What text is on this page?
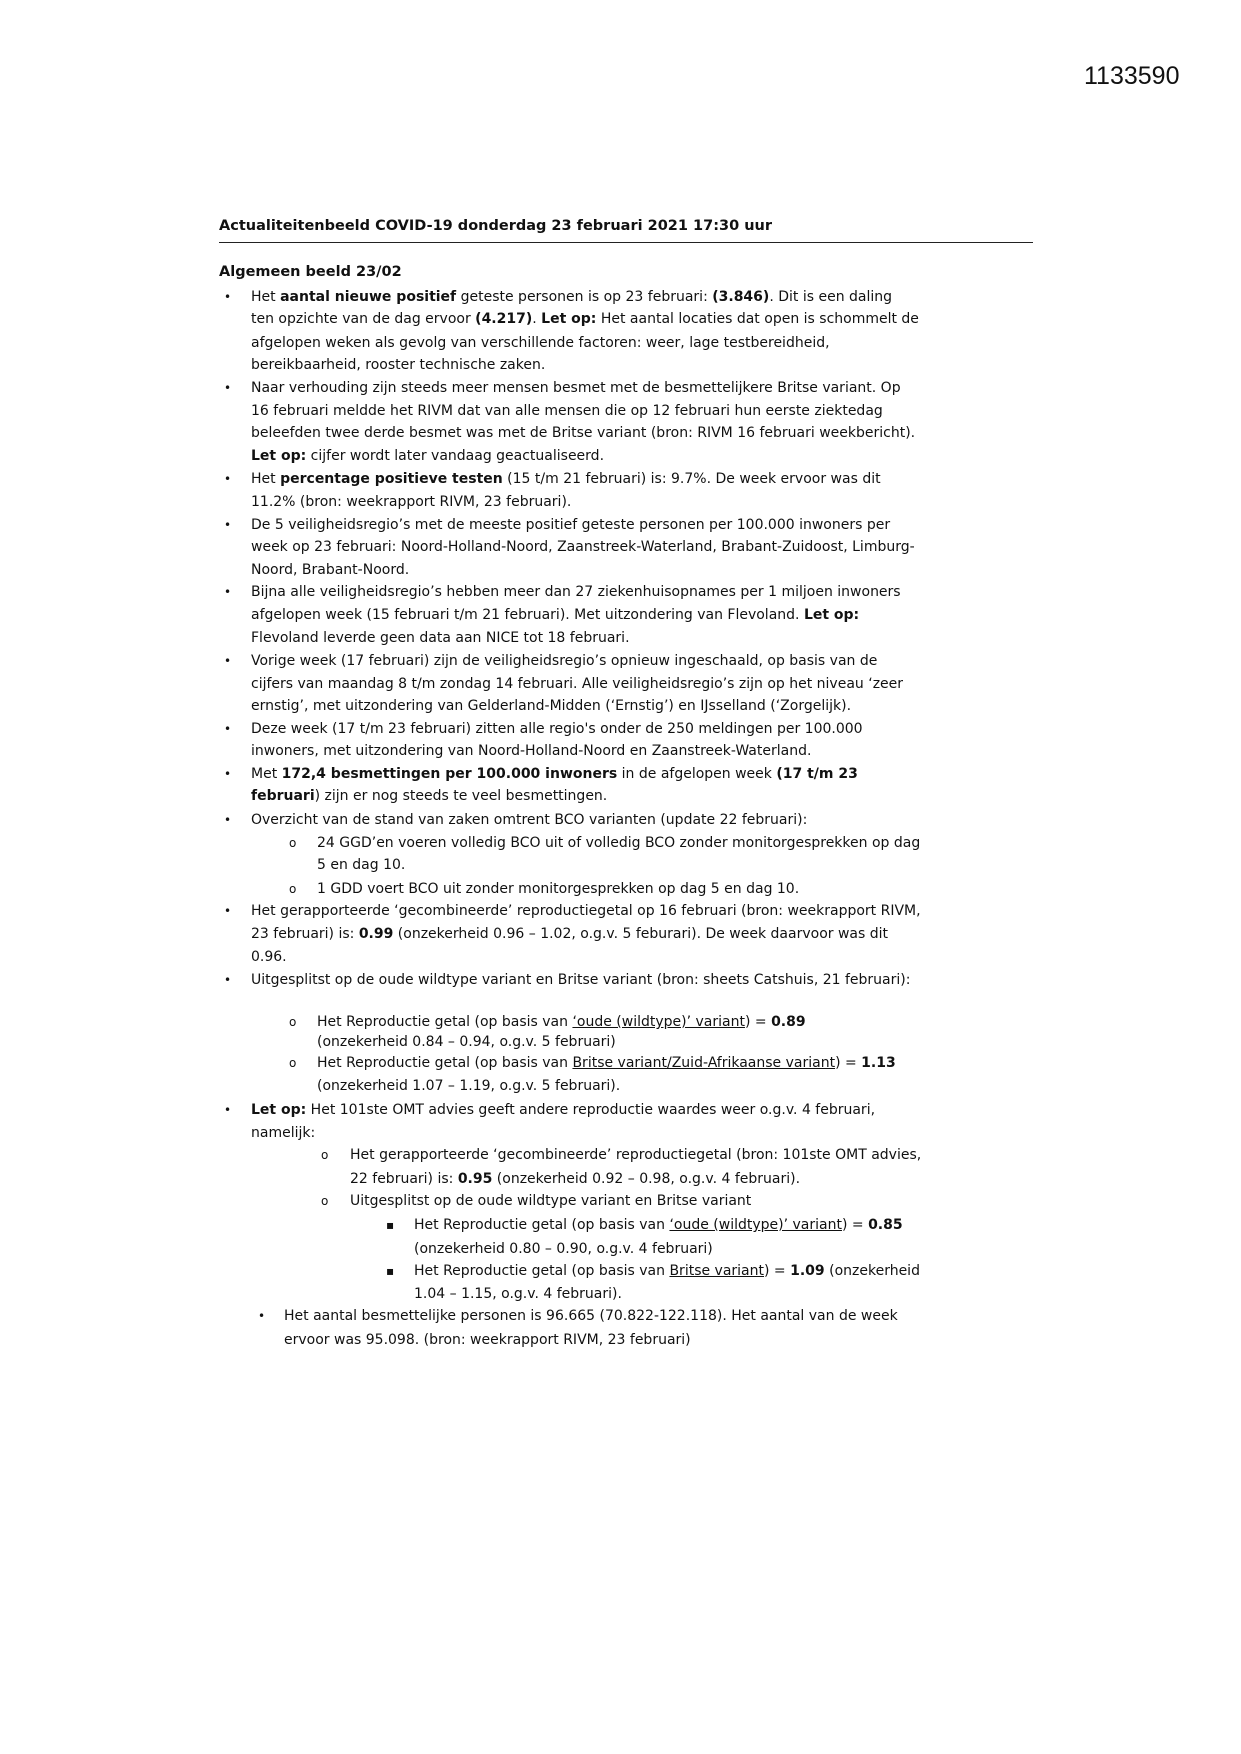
1133590
Actualiteitenbeeld COVID-19 donderdag 23 februari 2021 17:30 uur
Algemeen beeld 23/02
• Het aantal nieuwe positief geteste personen is op 23 februari: (3.846). Dit is een daling
ten opzichte van de dag ervoor (4.217). Let op: Het aantal locaties dat open is schommelt de
afgelopen weken als gevolg van verschillende factoren: weer, lage testbereidheid,
bereikbaarheid, rooster technische zaken.
• Naar verhouding zijn steeds meer mensen besmet met de besmettelijkere Britse variant. Op
16 februari meldde het RIVM dat van alle mensen die op 12 februari hun eerste ziektedag
beleefden twee derde besmet was met de Britse variant (bron: RIVM 16 februari weekbericht).
Let op: cijfer wordt later vandaag geactualiseerd.
• Het percentage positieve testen (15 t/m 21 februari) is: 9.7%. De week ervoor was dit
11.2% (bron: weekrapport RIVM, 23 februari).
• De 5 veiligheidsregio’s met de meeste positief geteste personen per 100.000 inwoners per
week op 23 februari: Noord-Holland-Noord, Zaanstreek-Waterland, Brabant-Zuidoost, Limburg-
Noord, Brabant-Noord.
• Bijna alle veiligheidsregio’s hebben meer dan 27 ziekenhuisopnames per 1 miljoen inwoners
afgelopen week (15 februari t/m 21 februari). Met uitzondering van Flevoland. Let op:
Flevoland leverde geen data aan NICE tot 18 februari.
• Vorige week (17 februari) zijn de veiligheidsregio’s opnieuw ingeschaald, op basis van de
cijfers van maandag 8 t/m zondag 14 februari. Alle veiligheidsregio’s zijn op het niveau ‘zeer
ernstig’, met uitzondering van Gelderland-Midden (‘Ernstig’) en IJsselland (‘Zorgelijk).
• Deze week (17 t/m 23 februari) zitten alle regio's onder de 250 meldingen per 100.000
inwoners, met uitzondering van Noord-Holland-Noord en Zaanstreek-Waterland.
• Met 172,4 besmettingen per 100.000 inwoners in de afgelopen week (17 t/m 23
februari) zijn er nog steeds te veel besmettingen.
• Overzicht van de stand van zaken omtrent BCO varianten (update 22 februari):
o 24 GGD’en voeren volledig BCO uit of volledig BCO zonder monitorgesprekken op dag
5 en dag 10.
o 1 GDD voert BCO uit zonder monitorgesprekken op dag 5 en dag 10.
• Het gerapporteerde ‘gecombineerde’ reproductiegetal op 16 februari (bron: weekrapport RIVM,
23 februari) is: 0.99 (onzekerheid 0.96 – 1.02, o.g.v. 5 feburari). De week daarvoor was dit
0.96.
• Uitgesplitst op de oude wildtype variant en Britse variant (bron: sheets Catshuis, 21 februari):
o Het Reproductie getal (op basis van ‘oude (wildtype)’ variant) = 0.89
(onzekerheid 0.84 – 0.94, o.g.v. 5 februari)
o Het Reproductie getal (op basis van Britse variant/Zuid-Afrikaanse variant) = 1.13
(onzekerheid 1.07 – 1.19, o.g.v. 5 februari).
• Let op: Het 101ste OMT advies geeft andere reproductie waardes weer o.g.v. 4 februari,
namelijk:
o Het gerapporteerde ‘gecombineerde’ reproductiegetal (bron: 101ste OMT advies,
22 februari) is: 0.95 (onzekerheid 0.92 – 0.98, o.g.v. 4 februari).
o Uitgesplitst op de oude wildtype variant en Britse variant
▪ Het Reproductie getal (op basis van ‘oude (wildtype)’ variant) = 0.85
(onzekerheid 0.80 – 0.90, o.g.v. 4 februari)
▪ Het Reproductie getal (op basis van Britse variant) = 1.09 (onzekerheid
1.04 – 1.15, o.g.v. 4 februari).
• Het aantal besmettelijke personen is 96.665 (70.822-122.118). Het aantal van de week
ervoor was 95.098. (bron: weekrapport RIVM, 23 februari)
